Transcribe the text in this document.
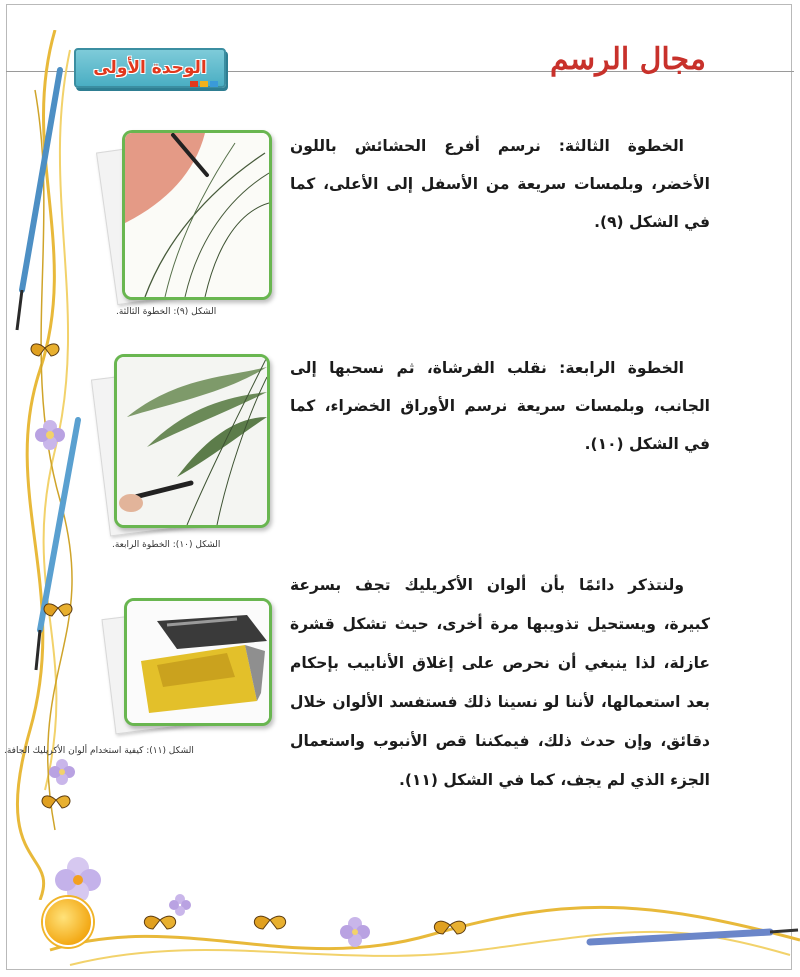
الوحدة الأولى	مجال الرسم
الخطوة الثالثة: نرسم أفرع الحشائش باللون الأخضر، وبلمسات سريعة من الأسفل إلى الأعلى، كما في الشكل (٩).
الشكل (٩): الخطوة الثالثة.
الخطوة الرابعة: نقلب الفرشاة، ثم نسحبها إلى الجانب، وبلمسات سريعة نرسم الأوراق الخضراء، كما في الشكل (١٠).
الشكل (١٠): الخطوة الرابعة.
ولنتذكر دائمًا بأن ألوان الأكريليك تجف بسرعة كبيرة، ويستحيل تذويبها مرة أخرى، حيث تشكل قشرة عازلة، لذا ينبغي أن نحرص على إغلاق الأنابيب بإحكام بعد استعمالها، لأننا لو نسينا ذلك فستفسد الألوان خلال دقائق، وإن حدث ذلك، فيمكننا قص الأنبوب واستعمال الجزء الذي لم يجف، كما في الشكل (١١).
الشكل (١١): كيفية استخدام ألوان الأكريليك الجافة.
